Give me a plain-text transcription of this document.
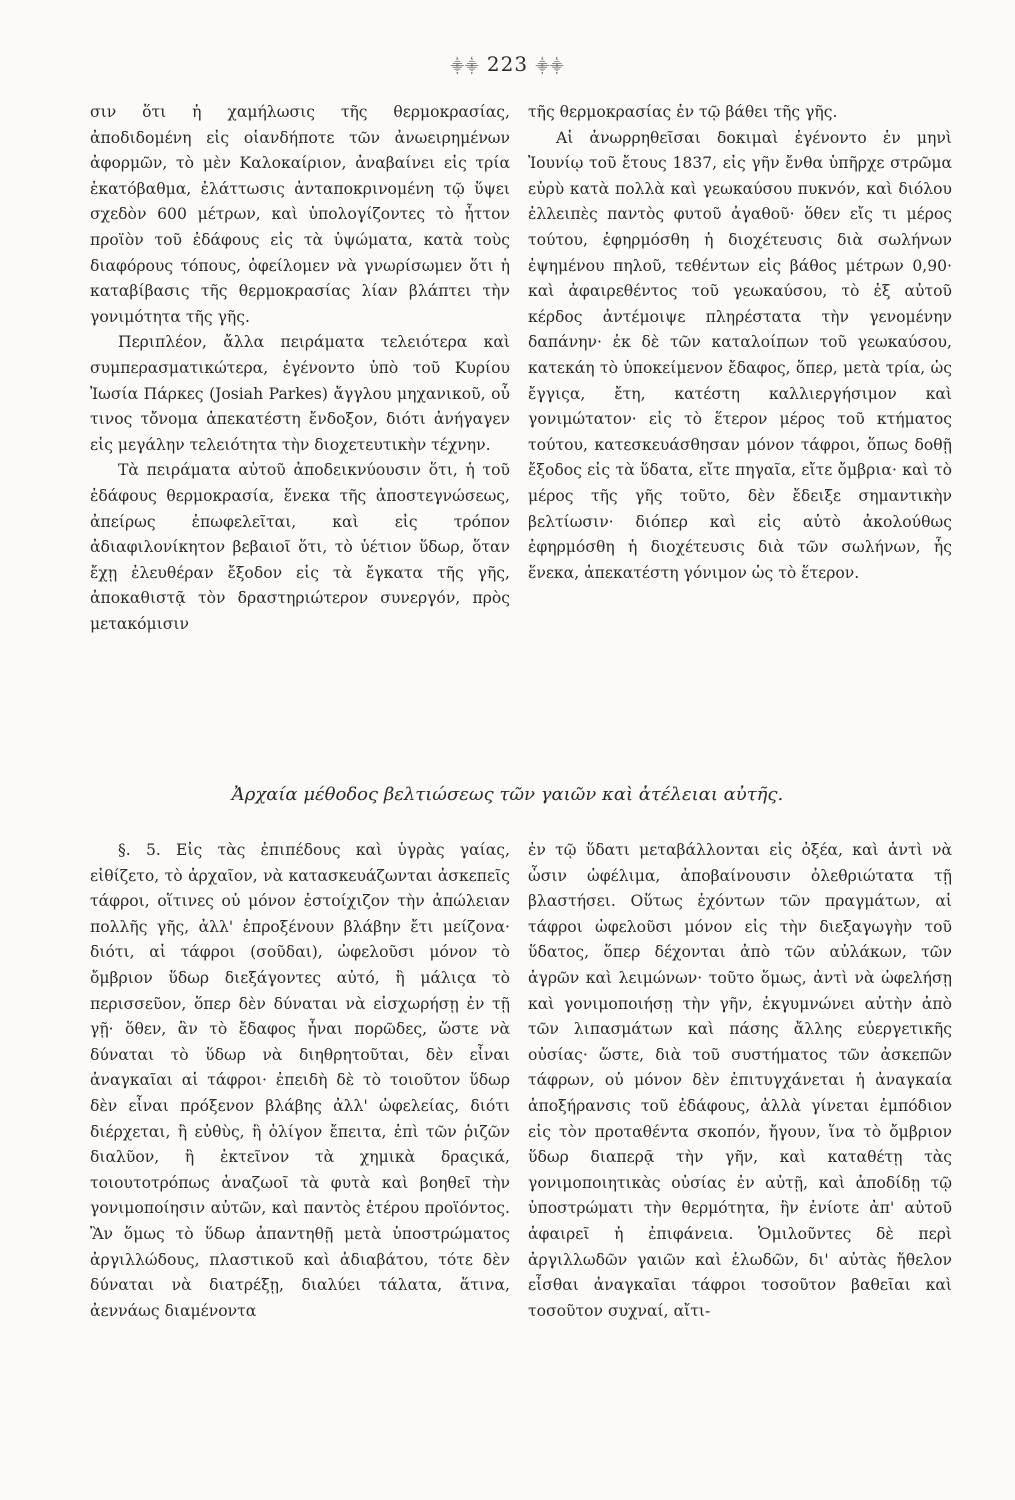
⸎⸎ 223 ⸎⸎

σιν ὅτι ἡ χαμήλωσις τῆς θερμοκρασίας, ἀποδιδομένη εἰς οἱανδήποτε τῶν ἀνωειρημένων ἀφορμῶν, τὸ μὲν Καλοκαίριον, ἀναβαίνει εἰς τρία ἑκατόβαθμα, ἐλάττωσις ἀνταποκρινομένη τῷ ὕψει σχεδὸν 600 μέτρων, καὶ ὑπολογίζοντες τὸ ἧττον προϊὸν τοῦ ἐδάφους εἰς τὰ ὑψώματα, κατὰ τοὺς διαφόρους τόπους, ὀφείλομεν νὰ γνωρίσωμεν ὅτι ἡ καταβίβασις τῆς θερμοκρασίας λίαν βλάπτει τὴν γονιμότητα τῆς γῆς.

Περιπλέον, ἄλλα πειράματα τελειότερα καὶ συμπερασματικώτερα, ἐγένοντο ὑπὸ τοῦ Κυρίου Ἰωσία Πάρκες (Josiah Parkes) ἄγγλου μηχανικοῦ, οὗ τινος τὄνομα ἀπεκατέστη ἔνδοξον, διότι ἀνήγαγεν εἰς μεγάλην τελειότητα τὴν διοχετευτικὴν τέχνην.

Τὰ πειράματα αὐτοῦ ἀποδεικνύουσιν ὅτι, ἡ τοῦ ἐδάφους θερμοκρασία, ἕνεκα τῆς ἀποστεγνώσεως, ἀπείρως ἐπωφελεῖται, καὶ εἰς τρόπον ἀδιαφιλονίκητον βεβαιοῖ ὅτι, τὸ ὑέτιον ὕδωρ, ὅταν ἔχῃ ἐλευθέραν ἔξοδον εἰς τὰ ἔγκατα τῆς γῆς, ἀποκαθιστᾷ τὸν δραστηριώτερον συνεργόν, πρὸς μετακόμισιν

τῆς θερμοκρασίας ἐν τῷ βάθει τῆς γῆς.

Αἱ ἀνωρρηθεῖσαι δοκιμαὶ ἐγένοντο ἐν μηνὶ Ἰουνίῳ τοῦ ἔτους 1837, εἰς γῆν ἔνθα ὑπῆρχε στρῶμα εὐρὺ κατὰ πολλὰ καὶ γεωκαύσου πυκνόν, καὶ διόλου ἐλλειπὲς παντὸς φυτοῦ ἀγαθοῦ· ὅθεν εἴς τι μέρος τούτου, ἐφηρμόσθη ἡ διοχέτευσις διὰ σωλήνων ἐψημένου πηλοῦ, τεθέντων εἰς βάθος μέτρων 0,90· καὶ ἀφαιρεθέντος τοῦ γεωκαύσου, τὸ ἐξ αὐτοῦ κέρδος ἀντέμοιψε πληρέστατα τὴν γενομένην δαπάνην· ἐκ δὲ τῶν καταλοίπων τοῦ γεωκαύσου, κατεκάη τὸ ὑποκείμενον ἔδαφος, ὅπερ, μετὰ τρία, ὡς ἔγγιςα, ἔτη, κατέστη καλλιεργήσιμον καὶ γονιμώτατον· εἰς τὸ ἕτερον μέρος τοῦ κτήματος τούτου, κατεσκευάσθησαν μόνον τάφροι, ὅπως δοθῇ ἔξοδος εἰς τὰ ὕδατα, εἴτε πηγαῖα, εἴτε ὄμβρια· καὶ τὸ μέρος τῆς γῆς τοῦτο, δὲν ἔδειξε σημαντικὴν βελτίωσιν· διόπερ καὶ εἰς αὐτὸ ἀκολούθως ἐφηρμόσθη ἡ διοχέτευσις διὰ τῶν σωλήνων, ἧς ἕνεκα, ἀπεκατέστη γόνιμον ὡς τὸ ἕτερον.

Ἀρχαία μέθοδος βελτιώσεως τῶν γαιῶν καὶ ἀτέλειαι αὐτῆς.

§. 5. Εἰς τὰς ἐπιπέδους καὶ ὑγρὰς γαίας, εἰθίζετο, τὸ ἀρχαῖον, νὰ κατασκευάζωνται ἀσκεπεῖς τάφροι, οἵτινες οὐ μόνον ἐστοίχιζον τὴν ἀπώλειαν πολλῆς γῆς, ἀλλ' ἐπροξένουν βλάβην ἔτι μείζονα· διότι, αἱ τάφροι (σοῦδαι), ὠφελοῦσι μόνον τὸ ὄμβριον ὕδωρ διεξάγοντες αὐτό, ἢ μάλιςα τὸ περισσεῦον, ὅπερ δὲν δύναται νὰ εἰσχωρήσῃ ἐν τῇ γῇ· ὅθεν, ἂν τὸ ἔδαφος ἦναι πορῶδες, ὥστε νὰ δύναται τὸ ὕδωρ νὰ διηθρητοῦται, δὲν εἶναι ἀναγκαῖαι αἱ τάφροι· ἐπειδὴ δὲ τὸ τοιοῦτον ὕδωρ δὲν εἶναι πρόξενον βλάβης ἀλλ' ὠφελείας, διότι διέρχεται, ἢ εὐθὺς, ἢ ὀλίγον ἔπειτα, ἐπὶ τῶν ῥιζῶν διαλῦον, ἢ ἐκτεῖνον τὰ χημικὰ δραςικά, τοιουτοτρόπως ἀναζωοῖ τὰ φυτὰ καὶ βοηθεῖ τὴν γονιμοποίησιν αὐτῶν, καὶ παντὸς ἑτέρου προϊόντος. Ἂν ὅμως τὸ ὕδωρ ἀπαντηθῇ μετὰ ὑποστρώματος ἀργιλλώδους, πλαστικοῦ καὶ ἀδιαβάτου, τότε δὲν δύναται νὰ διατρέξῃ, διαλύει τάλατα, ἅτινα, ἀεννάως διαμένοντα

ἐν τῷ ὕδατι μεταβάλλονται εἰς ὀξέα, καὶ ἀντὶ νὰ ὦσιν ὠφέλιμα, ἀποβαίνουσιν ὀλεθριώτατα τῇ βλαστήσει. Οὕτως ἐχόντων τῶν πραγμάτων, αἱ τάφροι ὠφελοῦσι μόνον εἰς τὴν διεξαγωγὴν τοῦ ὕδατος, ὅπερ δέχονται ἀπὸ τῶν αὐλάκων, τῶν ἀγρῶν καὶ λειμώνων· τοῦτο ὅμως, ἀντὶ νὰ ὠφελήσῃ καὶ γονιμοποιήσῃ τὴν γῆν, ἐκγυμνώνει αὐτὴν ἀπὸ τῶν λιπασμάτων καὶ πάσης ἄλλης εὐεργετικῆς οὐσίας· ὥστε, διὰ τοῦ συστήματος τῶν ἀσκεπῶν τάφρων, οὐ μόνον δὲν ἐπιτυγχάνεται ἡ ἀναγκαία ἀποξήρανσις τοῦ ἐδάφους, ἀλλὰ γίνεται ἐμπόδιον εἰς τὸν προταθέντα σκοπόν, ἤγουν, ἵνα τὸ ὄμβριον ὕδωρ διαπερᾷ τὴν γῆν, καὶ καταθέτῃ τὰς γονιμοποιητικὰς οὐσίας ἐν αὐτῇ, καὶ ἀποδίδῃ τῷ ὑποστρώματι τὴν θερμότητα, ἣν ἐνίοτε ἀπ' αὐτοῦ ἀφαιρεῖ ἡ ἐπιφάνεια. Ὁμιλοῦντες δὲ περὶ ἀργιλλωδῶν γαιῶν καὶ ἑλωδῶν, δι' αὐτὰς ἤθελον εἶσθαι ἀναγκαῖαι τάφροι τοσοῦτον βαθεῖαι καὶ τοσοῦτον συχναί, αἴτι-
